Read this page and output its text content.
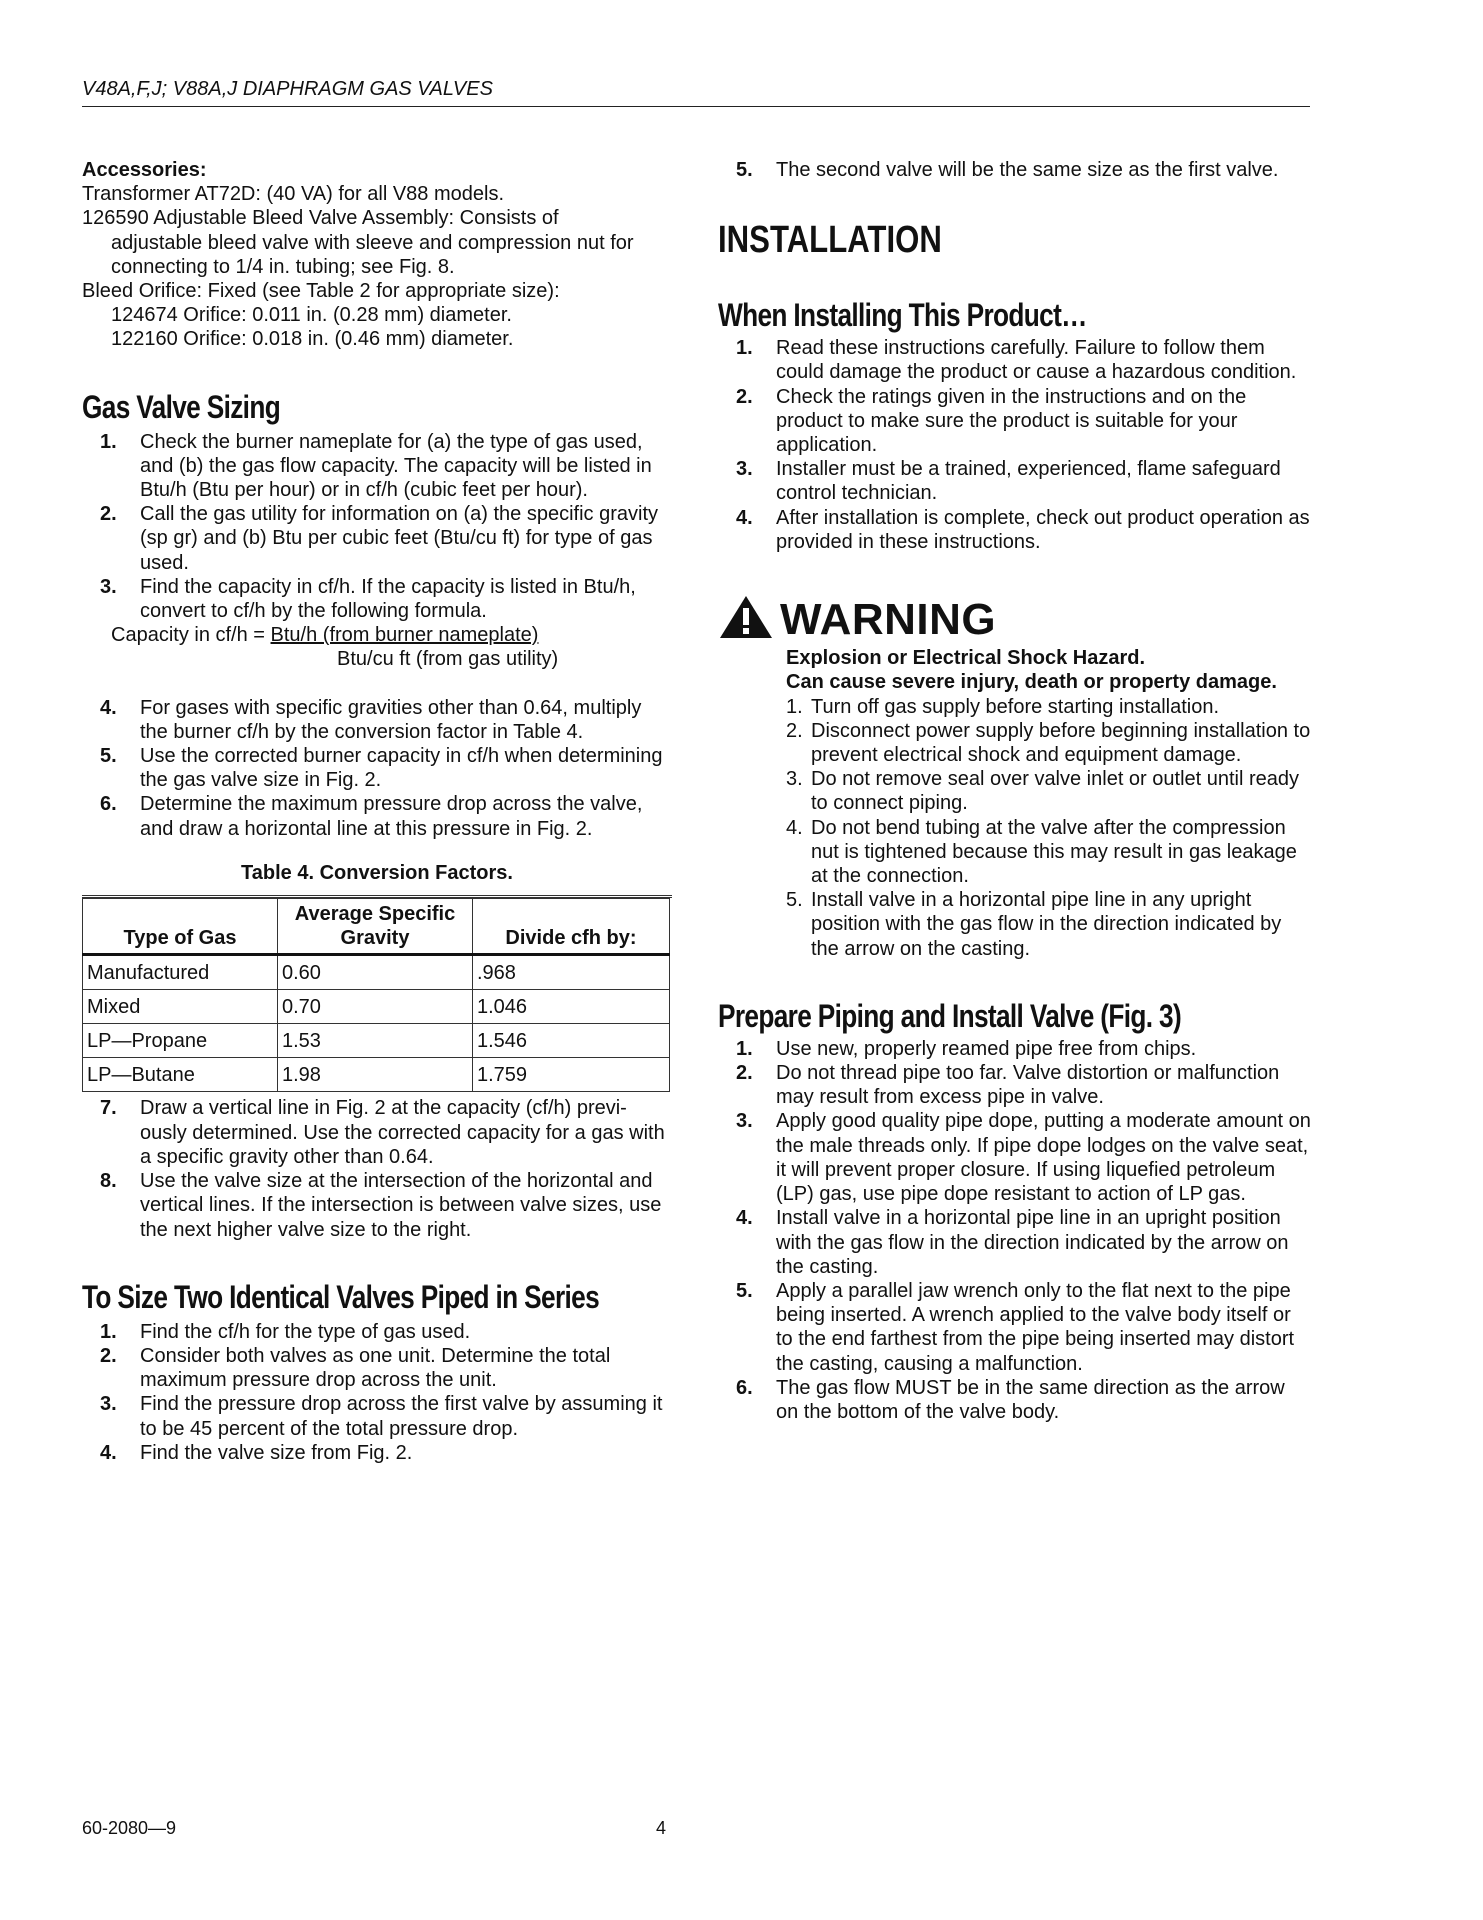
V48A,F,J; V88A,J DIAPHRAGM GAS VALVES
Accessories:
Transformer AT72D: (40 VA) for all V88 models.
126590 Adjustable Bleed Valve Assembly: Consists of
adjustable bleed valve with sleeve and compression nut for
connecting to 1/4 in. tubing; see Fig. 8.
Bleed Orifice: Fixed (see Table 2 for appropriate size):
124674 Orifice: 0.011 in. (0.28 mm) diameter.
122160 Orifice: 0.018 in. (0.46 mm) diameter.
Gas Valve Sizing
1. Check the burner nameplate for (a) the type of gas used, and (b) the gas flow capacity. The capacity will be listed in Btu/h (Btu per hour) or in cf/h (cubic feet per hour).
2. Call the gas utility for information on (a) the specific gravity (sp gr) and (b) Btu per cubic feet (Btu/cu ft) for type of gas used.
3. Find the capacity in cf/h. If the capacity is listed in Btu/h, convert to cf/h by the following formula.
Capacity in cf/h = Btu/h (from burner nameplate)
Btu/cu ft (from gas utility)
4. For gases with specific gravities other than 0.64, multiply the burner cf/h by the conversion factor in Table 4.
5. Use the corrected burner capacity in cf/h when determining the gas valve size in Fig. 2.
6. Determine the maximum pressure drop across the valve, and draw a horizontal line at this pressure in Fig. 2.
Table 4. Conversion Factors.
Type of Gas	Average Specific Gravity	Divide cfh by:
Manufactured	0.60	.968
Mixed	0.70	1.046
LP—Propane	1.53	1.546
LP—Butane	1.98	1.759
7. Draw a vertical line in Fig. 2 at the capacity (cf/h) previ-ously determined. Use the corrected capacity for a gas with a specific gravity other than 0.64.
8. Use the valve size at the intersection of the horizontal and vertical lines. If the intersection is between valve sizes, use the next higher valve size to the right.
To Size Two Identical Valves Piped in Series
1. Find the cf/h for the type of gas used.
2. Consider both valves as one unit. Determine the total maximum pressure drop across the unit.
3. Find the pressure drop across the first valve by assuming it to be 45 percent of the total pressure drop.
4. Find the valve size from Fig. 2.
5. The second valve will be the same size as the first valve.
INSTALLATION
When Installing This Product…
1. Read these instructions carefully. Failure to follow them could damage the product or cause a hazardous condition.
2. Check the ratings given in the instructions and on the product to make sure the product is suitable for your application.
3. Installer must be a trained, experienced, flame safeguard control technician.
4. After installation is complete, check out product operation as provided in these instructions.
WARNING
Explosion or Electrical Shock Hazard.
Can cause severe injury, death or property damage.
1. Turn off gas supply before starting installation.
2. Disconnect power supply before beginning installation to prevent electrical shock and equipment damage.
3. Do not remove seal over valve inlet or outlet until ready to connect piping.
4. Do not bend tubing at the valve after the compression nut is tightened because this may result in gas leakage at the connection.
5. Install valve in a horizontal pipe line in any upright position with the gas flow in the direction indicated by the arrow on the casting.
Prepare Piping and Install Valve (Fig. 3)
1. Use new, properly reamed pipe free from chips.
2. Do not thread pipe too far. Valve distortion or malfunction may result from excess pipe in valve.
3. Apply good quality pipe dope, putting a moderate amount on the male threads only. If pipe dope lodges on the valve seat, it will prevent proper closure. If using liquefied petroleum (LP) gas, use pipe dope resistant to action of LP gas.
4. Install valve in a horizontal pipe line in an upright position with the gas flow in the direction indicated by the arrow on the casting.
5. Apply a parallel jaw wrench only to the flat next to the pipe being inserted. A wrench applied to the valve body itself or to the end farthest from the pipe being inserted may distort the casting, causing a malfunction.
6. The gas flow MUST be in the same direction as the arrow on the bottom of the valve body.
60-2080—9	4
